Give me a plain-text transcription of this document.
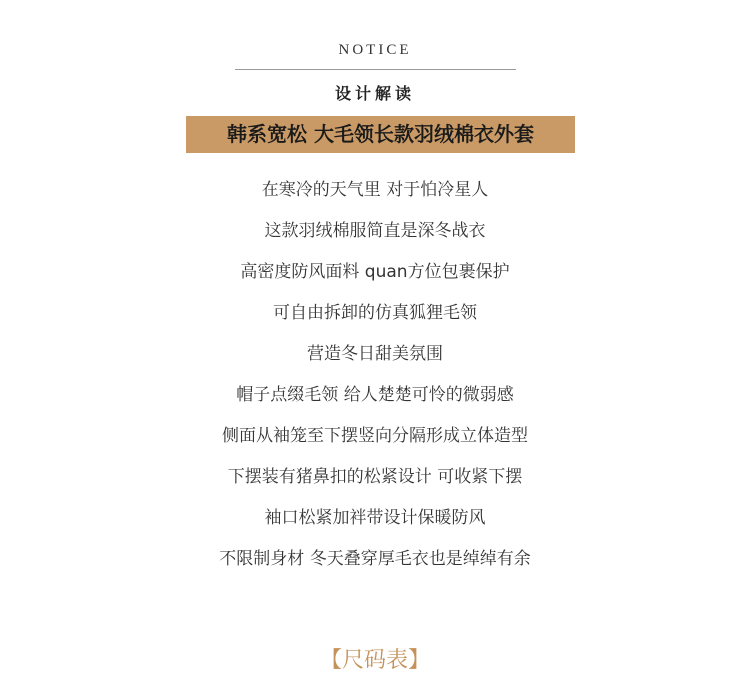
NOTICE
设计解读
韩系宽松 大毛领长款羽绒棉衣外套
在寒冷的天气里 对于怕冷星人
这款羽绒棉服简直是深冬战衣
高密度防风面料 quan方位包裹保护
可自由拆卸的仿真狐狸毛领
营造冬日甜美氛围
帽子点缀毛领 给人楚楚可怜的微弱感
侧面从袖笼至下摆竖向分隔形成立体造型
下摆装有猪鼻扣的松紧设计 可收紧下摆
袖口松紧加袢带设计保暖防风
不限制身材 冬天叠穿厚毛衣也是绰绰有余
【尺码表】
